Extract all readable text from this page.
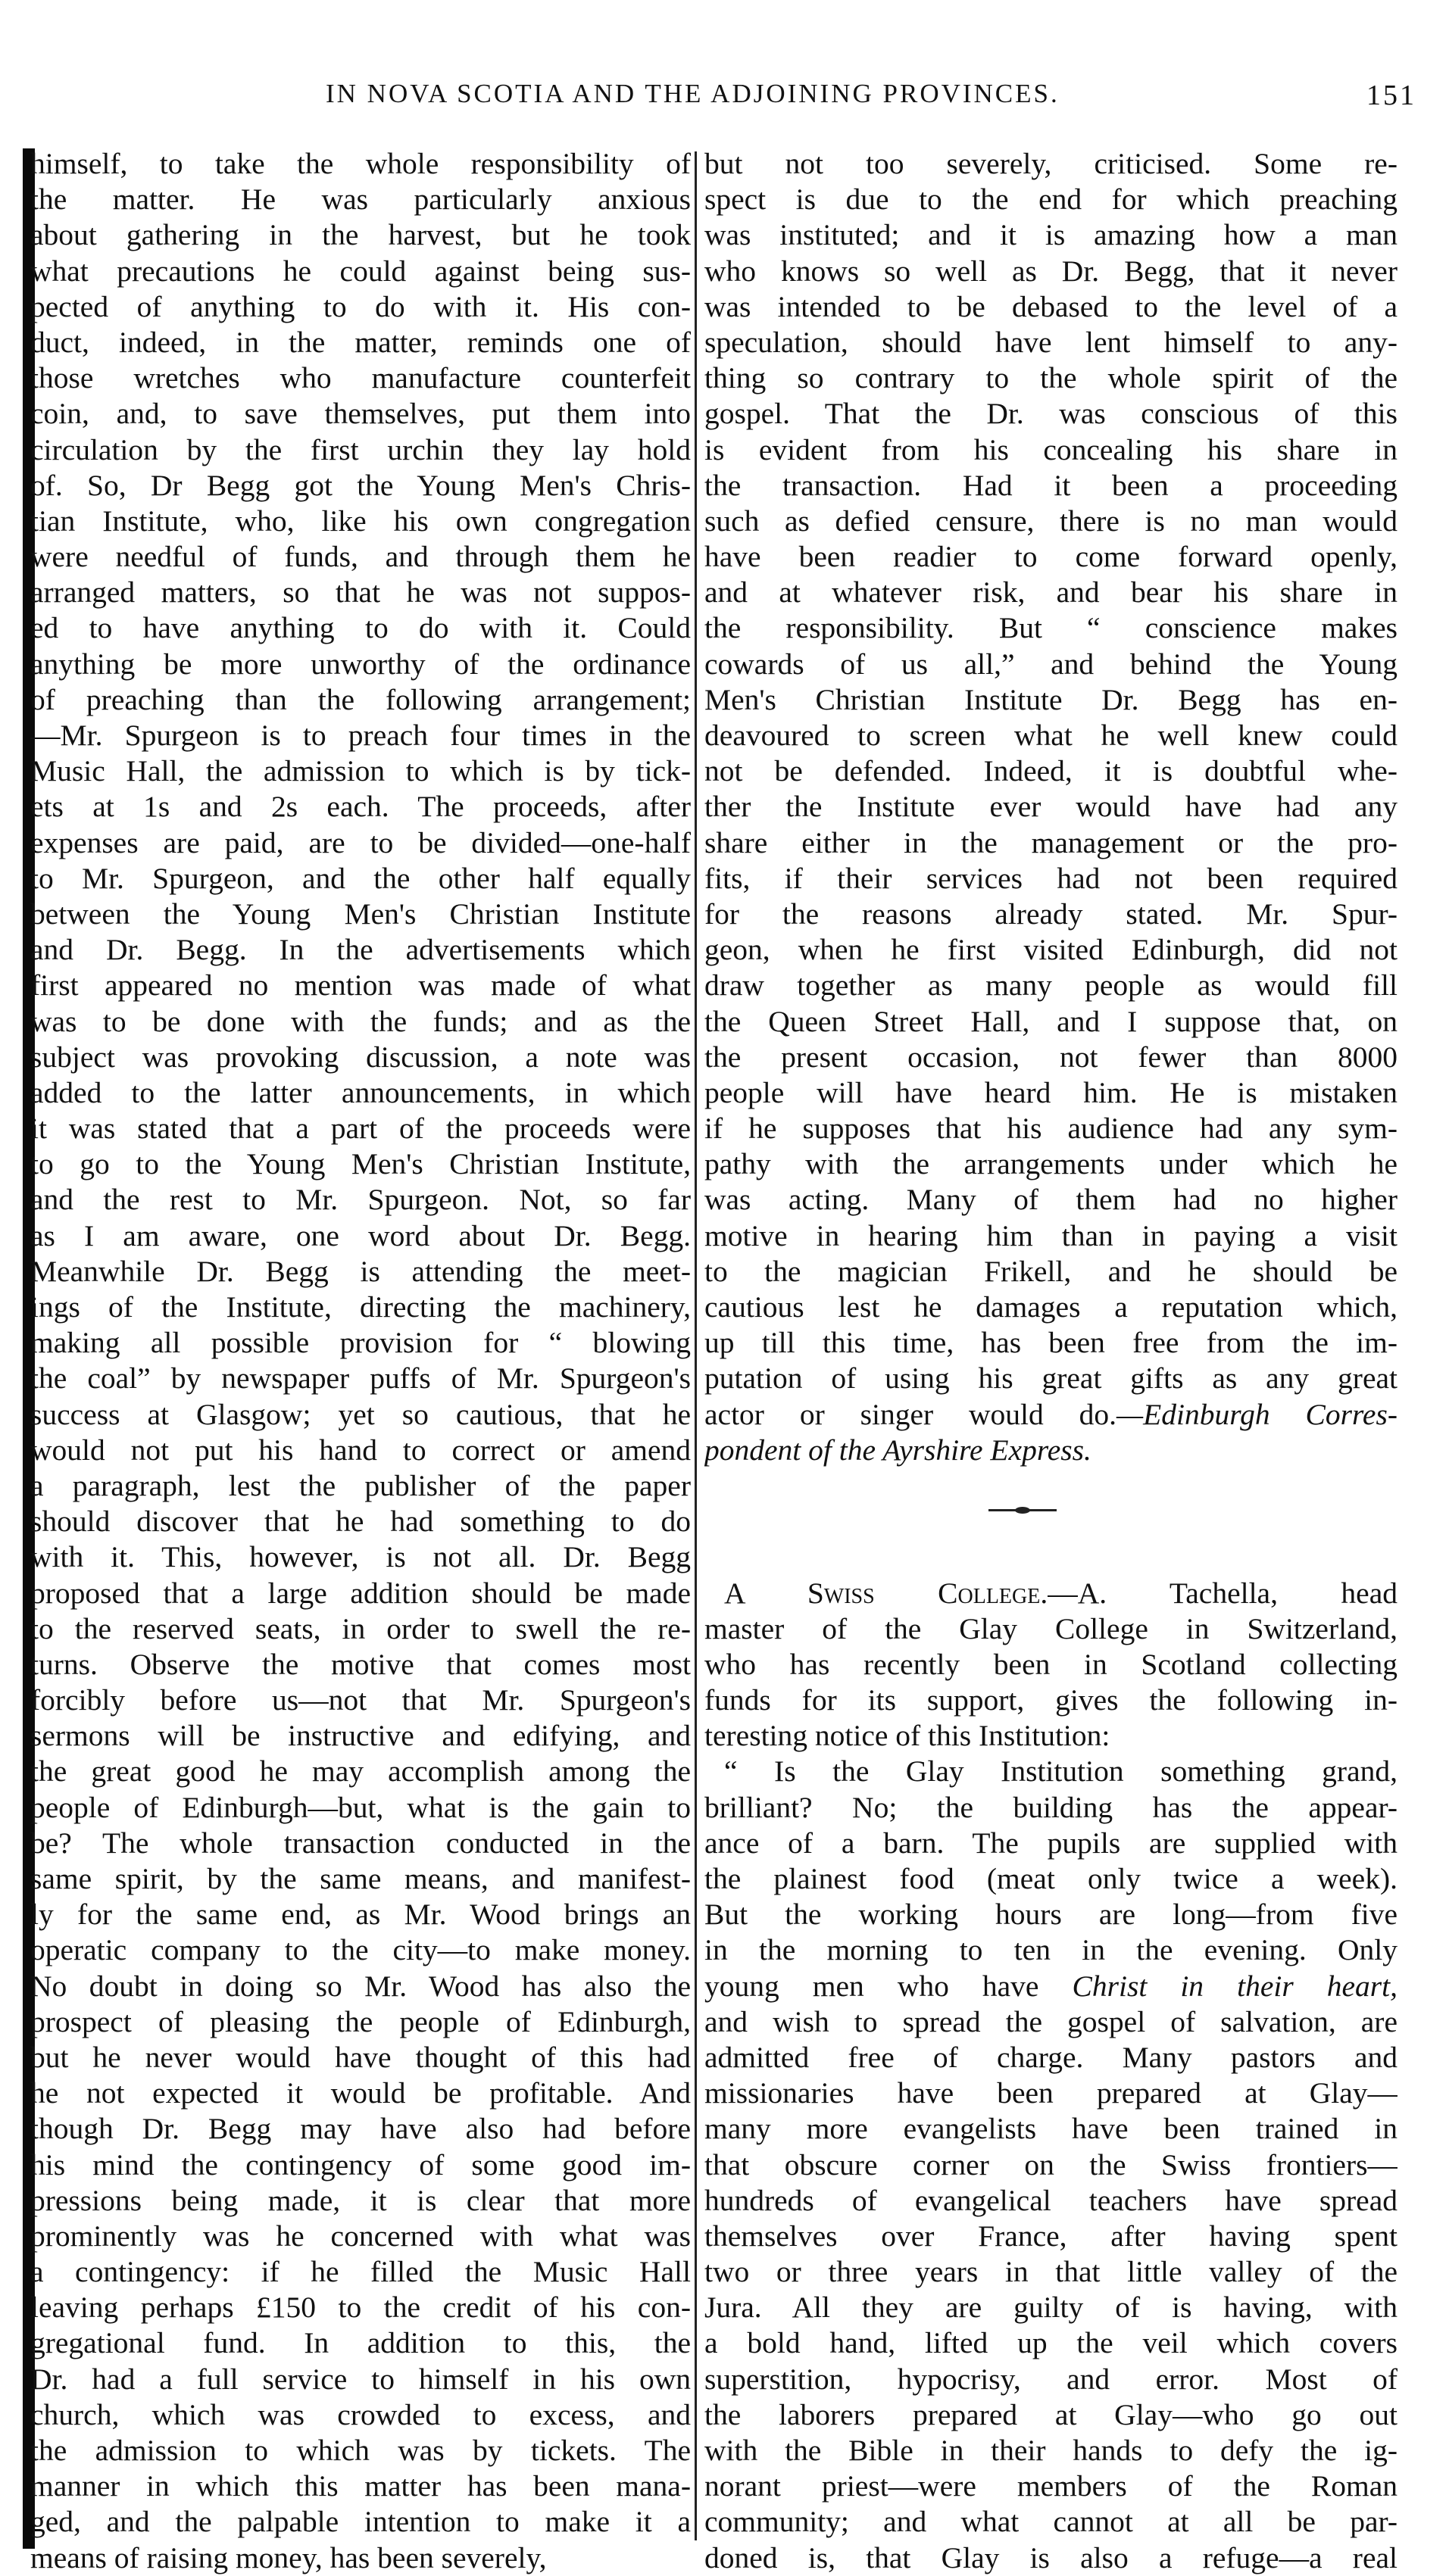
IN NOVA SCOTIA AND THE ADJOINING PROVINCES.	151
himself, to take the whole responsibility of
the matter. He was particularly anxious
about gathering in the harvest, but he took
what precautions he could against being sus-
pected of anything to do with it. His con-
duct, indeed, in the matter, reminds one of
those wretches who manufacture counterfeit
coin, and, to save themselves, put them into
circulation by the first urchin they lay hold
of. So, Dr Begg got the Young Men's Chris-
tian Institute, who, like his own congregation
were needful of funds, and through them he
arranged matters, so that he was not suppos-
ed to have anything to do with it. Could
anything be more unworthy of the ordinance
of preaching than the following arrangement;
—Mr. Spurgeon is to preach four times in the
Music Hall, the admission to which is by tick-
ets at 1s and 2s each. The proceeds, after
expenses are paid, are to be divided—one-half
to Mr. Spurgeon, and the other half equally
between the Young Men's Christian Institute
and Dr. Begg. In the advertisements which
first appeared no mention was made of what
was to be done with the funds; and as the
subject was provoking discussion, a note was
added to the latter announcements, in which
it was stated that a part of the proceeds were
to go to the Young Men's Christian Institute,
and the rest to Mr. Spurgeon. Not, so far
as I am aware, one word about Dr. Begg.
Meanwhile Dr. Begg is attending the meet-
ings of the Institute, directing the machinery,
making all possible provision for “ blowing
the coal” by newspaper puffs of Mr. Spurgeon's
success at Glasgow; yet so cautious, that he
would not put his hand to correct or amend
a paragraph, lest the publisher of the paper
should discover that he had something to do
with it. This, however, is not all. Dr. Begg
proposed that a large addition should be made
to the reserved seats, in order to swell the re-
turns. Observe the motive that comes most
forcibly before us—not that Mr. Spurgeon's
sermons will be instructive and edifying, and
the great good he may accomplish among the
people of Edinburgh—but, what is the gain to
be? The whole transaction conducted in the
same spirit, by the same means, and manifest-
ly for the same end, as Mr. Wood brings an
operatic company to the city—to make money.
No doubt in doing so Mr. Wood has also the
prospect of pleasing the people of Edinburgh,
but he never would have thought of this had
he not expected it would be profitable. And
though Dr. Begg may have also had before
his mind the contingency of some good im-
pressions being made, it is clear that more
prominently was he concerned with what was
a contingency: if he filled the Music Hall
leaving perhaps £150 to the credit of his con-
gregational fund. In addition to this, the
Dr. had a full service to himself in his own
church, which was crowded to excess, and
the admission to which was by tickets. The
manner in which this matter has been mana-
ged, and the palpable intention to make it a
means of raising money, has been severely,
but not too severely, criticised. Some re-
spect is due to the end for which preaching
was instituted; and it is amazing how a man
who knows so well as Dr. Begg, that it never
was intended to be debased to the level of a
speculation, should have lent himself to any-
thing so contrary to the whole spirit of the
gospel. That the Dr. was conscious of this
is evident from his concealing his share in
the transaction. Had it been a proceeding
such as defied censure, there is no man would
have been readier to come forward openly,
and at whatever risk, and bear his share in
the responsibility. But “ conscience makes
cowards of us all,” and behind the Young
Men's Christian Institute Dr. Begg has en-
deavoured to screen what he well knew could
not be defended. Indeed, it is doubtful whe-
ther the Institute ever would have had any
share either in the management or the pro-
fits, if their services had not been required
for the reasons already stated. Mr. Spur-
geon, when he first visited Edinburgh, did not
draw together as many people as would fill
the Queen Street Hall, and I suppose that, on
the present occasion, not fewer than 8000
people will have heard him. He is mistaken
if he supposes that his audience had any sym-
pathy with the arrangements under which he
was acting. Many of them had no higher
motive in hearing him than in paying a visit
to the magician Frikell, and he should be
cautious lest he damages a reputation which,
up till this time, has been free from the im-
putation of using his great gifts as any great
actor or singer would do.—Edinburgh Corres-
pondent of the Ayrshire Express.
A Swiss College.—A. Tachella, head
master of the Glay College in Switzerland,
who has recently been in Scotland collecting
funds for its support, gives the following in-
teresting notice of this Institution:
“ Is the Glay Institution something grand,
brilliant? No; the building has the appear-
ance of a barn. The pupils are supplied with
the plainest food (meat only twice a week).
But the working hours are long—from five
in the morning to ten in the evening. Only
young men who have Christ in their heart,
and wish to spread the gospel of salvation, are
admitted free of charge. Many pastors and
missionaries have been prepared at Glay—
many more evangelists have been trained in
that obscure corner on the Swiss frontiers—
hundreds of evangelical teachers have spread
themselves over France, after having spent
two or three years in that little valley of the
Jura. All they are guilty of is having, with
a bold hand, lifted up the veil which covers
superstition, hypocrisy, and error. Most of
the laborers prepared at Glay—who go out
with the Bible in their hands to defy the ig-
norant priest—were members of the Roman
community; and what cannot at all be par-
doned is, that Glay is also a refuge—a real
